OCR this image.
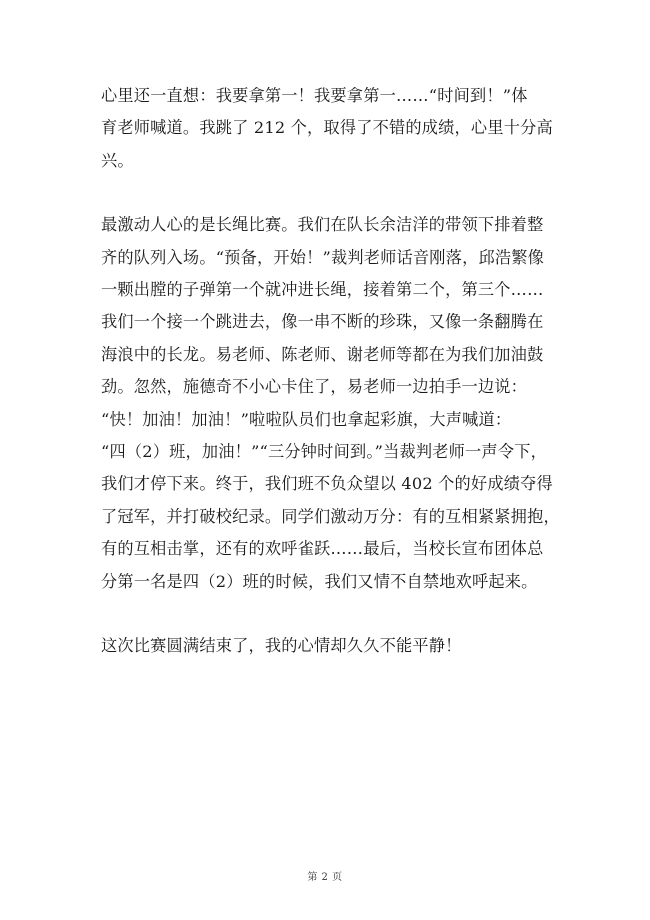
心里还一直想：我要拿第一！我要拿第一……“时间到！”体
育老师喊道。我跳了 212 个，取得了不错的成绩，心里十分高
兴。

最激动人心的是长绳比赛。我们在队长余洁洋的带领下排着整
齐的队列入场。“预备，开始！”裁判老师话音刚落，邱浩繁像
一颗出膛的子弹第一个就冲进长绳，接着第二个，第三个……
我们一个接一个跳进去，像一串不断的珍珠，又像一条翻腾在
海浪中的长龙。易老师、陈老师、谢老师等都在为我们加油鼓
劲。忽然，施德奇不小心卡住了，易老师一边拍手一边说：
“快！加油！加油！”啦啦队员们也拿起彩旗，大声喊道：
“四（2）班，加油！”“三分钟时间到。”当裁判老师一声令下，
我们才停下来。终于，我们班不负众望以 402 个的好成绩夺得
了冠军，并打破校纪录。同学们激动万分：有的互相紧紧拥抱，
有的互相击掌，还有的欢呼雀跃……最后，当校长宣布团体总
分第一名是四（2）班的时候，我们又情不自禁地欢呼起来。

这次比赛圆满结束了，我的心情却久久不能平静！

第 2 页
